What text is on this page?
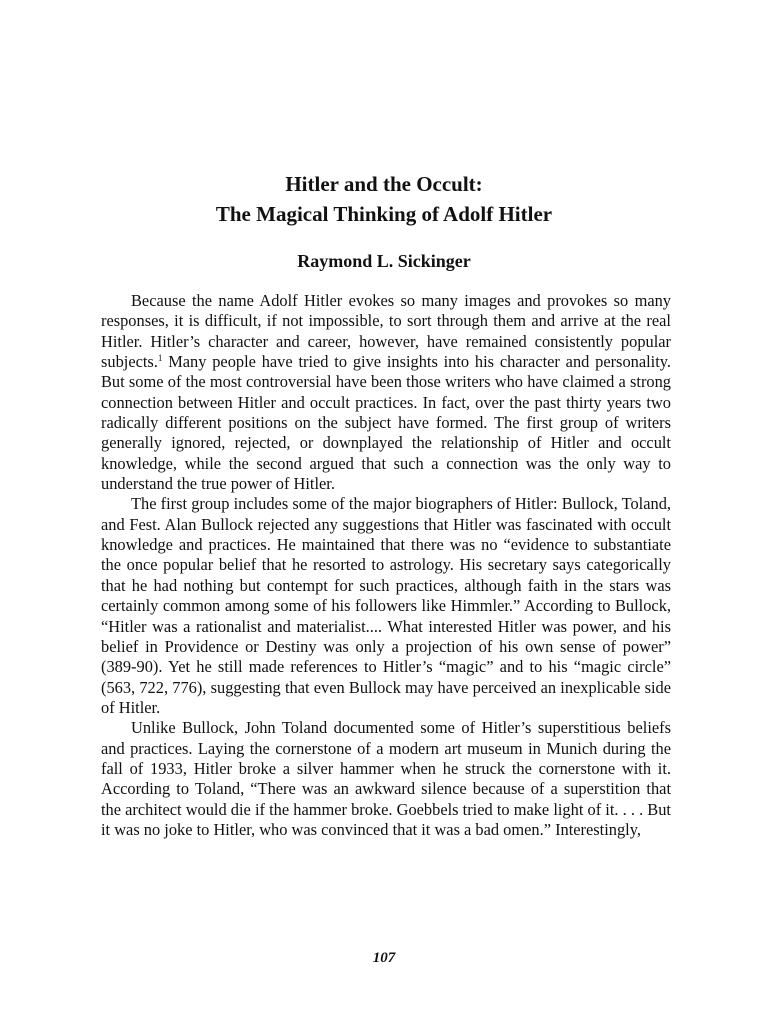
Hitler and the Occult:

The Magical Thinking of Adolf Hitler

Raymond L. Sickinger

Because the name Adolf Hitler evokes so many images and provokes so many responses, it is difficult, if not impossible, to sort through them and arrive at the real Hitler. Hitler’s character and career, however, have remained consistently popular subjects.$^1$ Many people have tried to give insights into his character and personality. But some of the most controversial have been those writers who have claimed a strong connection between Hitler and occult practices. In fact, over the past thirty years two radically different positions on the subject have formed. The first group of writers generally ignored, rejected, or downplayed the relationship of Hitler and occult knowledge, while the second argued that such a connection was the only way to understand the true power of Hitler.

The first group includes some of the major biographers of Hitler: Bullock, Toland, and Fest. Alan Bullock rejected any suggestions that Hitler was fascinated with occult knowledge and practices. He maintained that there was no “evidence to substantiate the once popular belief that he resorted to astrology. His secretary says categorically that he had nothing but contempt for such practices, although faith in the stars was certainly common among some of his followers like Himmler.” According to Bullock, “Hitler was a rationalist and materialist.... What interested Hitler was power, and his belief in Providence or Destiny was only a projection of his own sense of power” (389-90). Yet he still made references to Hitler’s “magic” and to his “magic circle” (563, 722, 776), suggesting that even Bullock may have perceived an inexplicable side of Hitler.

Unlike Bullock, John Toland documented some of Hitler’s superstitious beliefs and practices. Laying the cornerstone of a modern art museum in Munich during the fall of 1933, Hitler broke a silver hammer when he struck the cornerstone with it. According to Toland, “There was an awkward silence because of a superstition that the architect would die if the hammer broke. Goebbels tried to make light of it. . . . But it was no joke to Hitler, who was convinced that it was a bad omen.” Interestingly,

107
